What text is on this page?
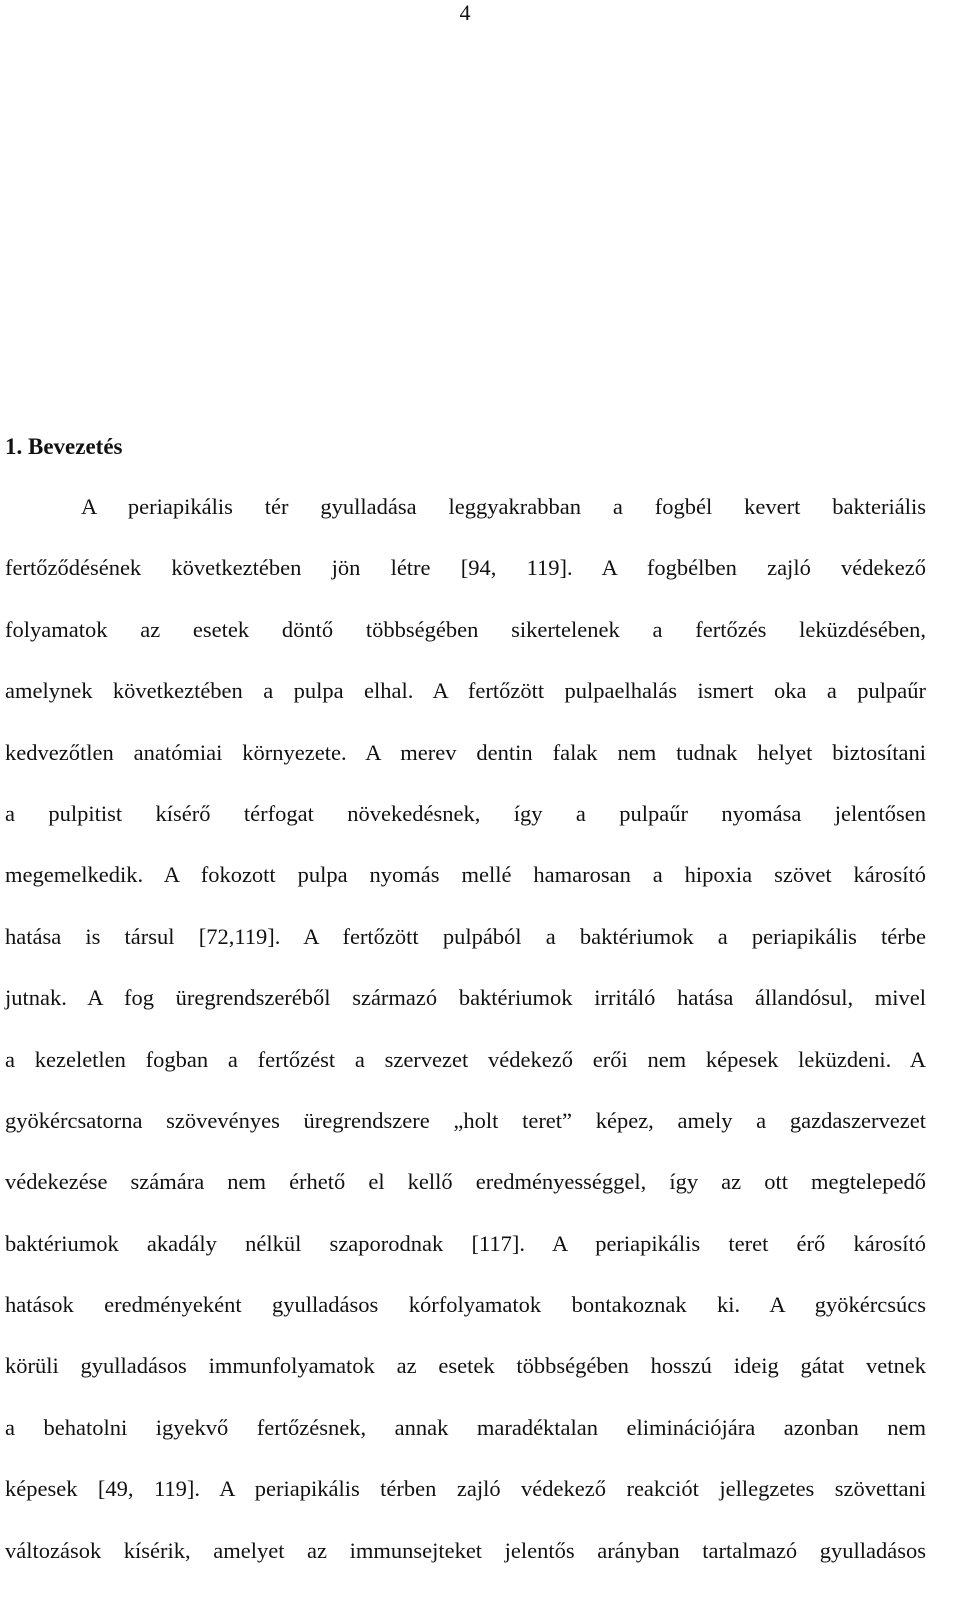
4
1. Bevezetés
A periapikális tér gyulladása leggyakrabban a fogbél kevert bakteriális
fertőződésének következtében jön létre [94, 119]. A fogbélben zajló védekező
folyamatok az esetek döntő többségében sikertelenek a fertőzés leküzdésében,
amelynek következtében a pulpa elhal. A fertőzött pulpaelhalás ismert oka a pulpaűr
kedvezőtlen anatómiai környezete. A merev dentin falak nem tudnak helyet biztosítani
a pulpitist kísérő térfogat növekedésnek, így a pulpaűr nyomása jelentősen
megemelkedik. A fokozott pulpa nyomás mellé hamarosan a hipoxia szövet károsító
hatása is társul [72,119]. A fertőzött pulpából a baktériumok a periapikális térbe
jutnak. A fog üregrendszeréből származó baktériumok irritáló hatása állandósul, mivel
a kezeletlen fogban a fertőzést a szervezet védekező erői nem képesek leküzdeni. A
gyökércsatorna szövevényes üregrendszere „holt teret” képez, amely a gazdaszervezet
védekezése számára nem érhető el kellő eredményességgel, így az ott megtelepedő
baktériumok akadály nélkül szaporodnak [117]. A periapikális teret érő károsító
hatások eredményeként gyulladásos kórfolyamatok bontakoznak ki. A gyökércsúcs
körüli gyulladásos immunfolyamatok az esetek többségében hosszú ideig gátat vetnek
a behatolni igyekvő fertőzésnek, annak maradéktalan eliminációjára azonban nem
képesek [49, 119]. A periapikális térben zajló védekező reakciót jellegzetes szövettani
változások kísérik, amelyet az immunsejteket jelentős arányban tartalmazó gyulladásos
